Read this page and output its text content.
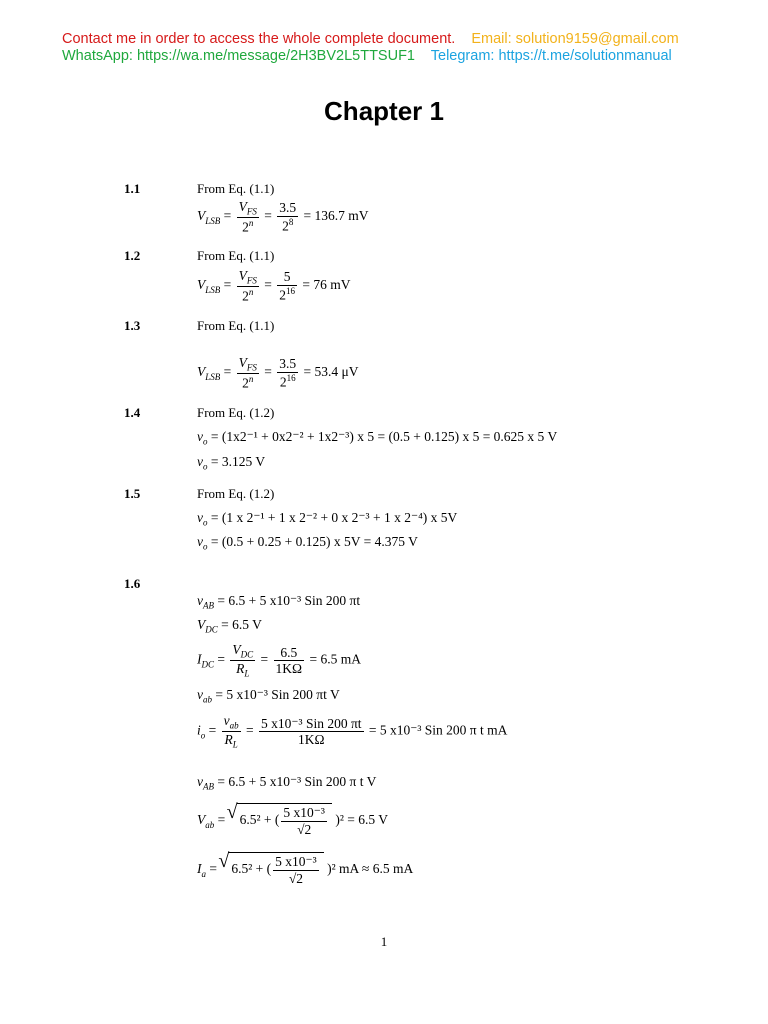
Contact me in order to access the whole complete document. Email: solution9159@gmail.com
WhatsApp: https://wa.me/message/2H3BV2L5TTSUF1 Telegram: https://t.me/solutionmanual
Chapter 1
1.1	From Eq. (1.1)
$V_{LSB} = \frac{V_{FS}}{2^n} = \frac{3.5}{2^8} = 136.7$ mV
1.2	From Eq. (1.1)
$V_{LSB} = \frac{V_{FS}}{2^n} = \frac{5}{2^{16}} = 76$ mV
1.3	From Eq. (1.1)
$V_{LSB} = \frac{V_{FS}}{2^n} = \frac{3.5}{2^{16}} = 53.4$ μV
1.4	From Eq. (1.2)
$v_o = (1x2^{-1} + 0x2^{-2} + 1x2^{-3})$ x 5 = (0.5 + 0.125) x 5 = 0.625 x 5 V
$v_o = 3.125$ V
1.5	From Eq. (1.2)
$v_o = (1$ x 2⁻¹ + 1 x 2⁻² + 0 x 2⁻³ + 1 x 2⁻⁴) x 5V
$v_o = (0.5 + 0.25 + 0.125)$ x 5V = 4.375 V
1.6
$v_{AB} = 6.5 + 5$ x10⁻³ Sin 200 πt
$V_{DC} = 6.5$ V
$I_{DC} = \frac{V_{DC}}{R_L} = \frac{6.5}{1K\Omega} = 6.5$ mA
$v_{ab} = 5$ x10⁻³ Sin 200 πt V
$i_o = \frac{v_{ab}}{R_L} = \frac{\text{5 x10⁻³ Sin 200 πt}}{1K\Omega} = 5$ x10⁻³ Sin 200 π t mA
$v_{AB} = 6.5 + 5$ x10⁻³ Sin 200 π t V
$V_{ab}$ = √ 6.5² + ( $\frac{\text{5 x10⁻³}}{√2} )^2 = 6.5$ V
$I_a$ = √ 6.5² + ( $\frac{\text{5 x10⁻³}}{√2} )^2$ mA ≈ 6.5 mA
1
